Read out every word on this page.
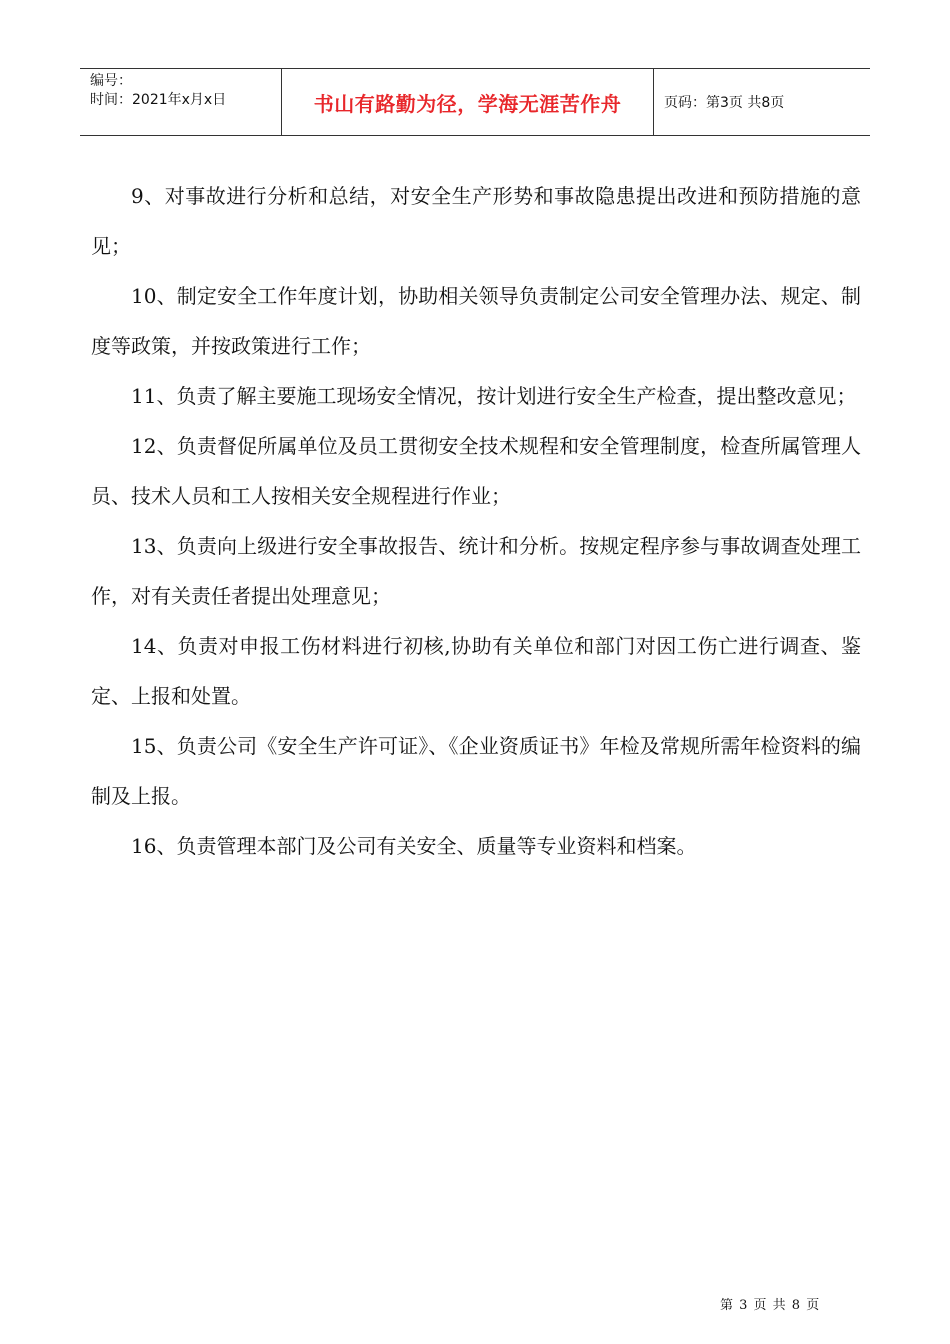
编号：
时间：2021年x月x日	书山有路勤为径，学海无涯苦作舟	页码：第3页 共8页

9、对事故进行分析和总结，对安全生产形势和事故隐患提出改进和预防措施的意见；

10、制定安全工作年度计划，协助相关领导负责制定公司安全管理办法、规定、制度等政策，并按政策进行工作；

11、负责了解主要施工现场安全情况，按计划进行安全生产检查，提出整改意见；

12、负责督促所属单位及员工贯彻安全技术规程和安全管理制度，检查所属管理人员、技术人员和工人按相关安全规程进行作业；

13、负责向上级进行安全事故报告、统计和分析。按规定程序参与事故调查处理工作，对有关责任者提出处理意见；

14、负责对申报工伤材料进行初核,协助有关单位和部门对因工伤亡进行调查、鉴定、上报和处置。

15、负责公司《安全生产许可证》、《企业资质证书》年检及常规所需年检资料的编制及上报。

16、负责管理本部门及公司有关安全、质量等专业资料和档案。

第 3 页 共 8 页
